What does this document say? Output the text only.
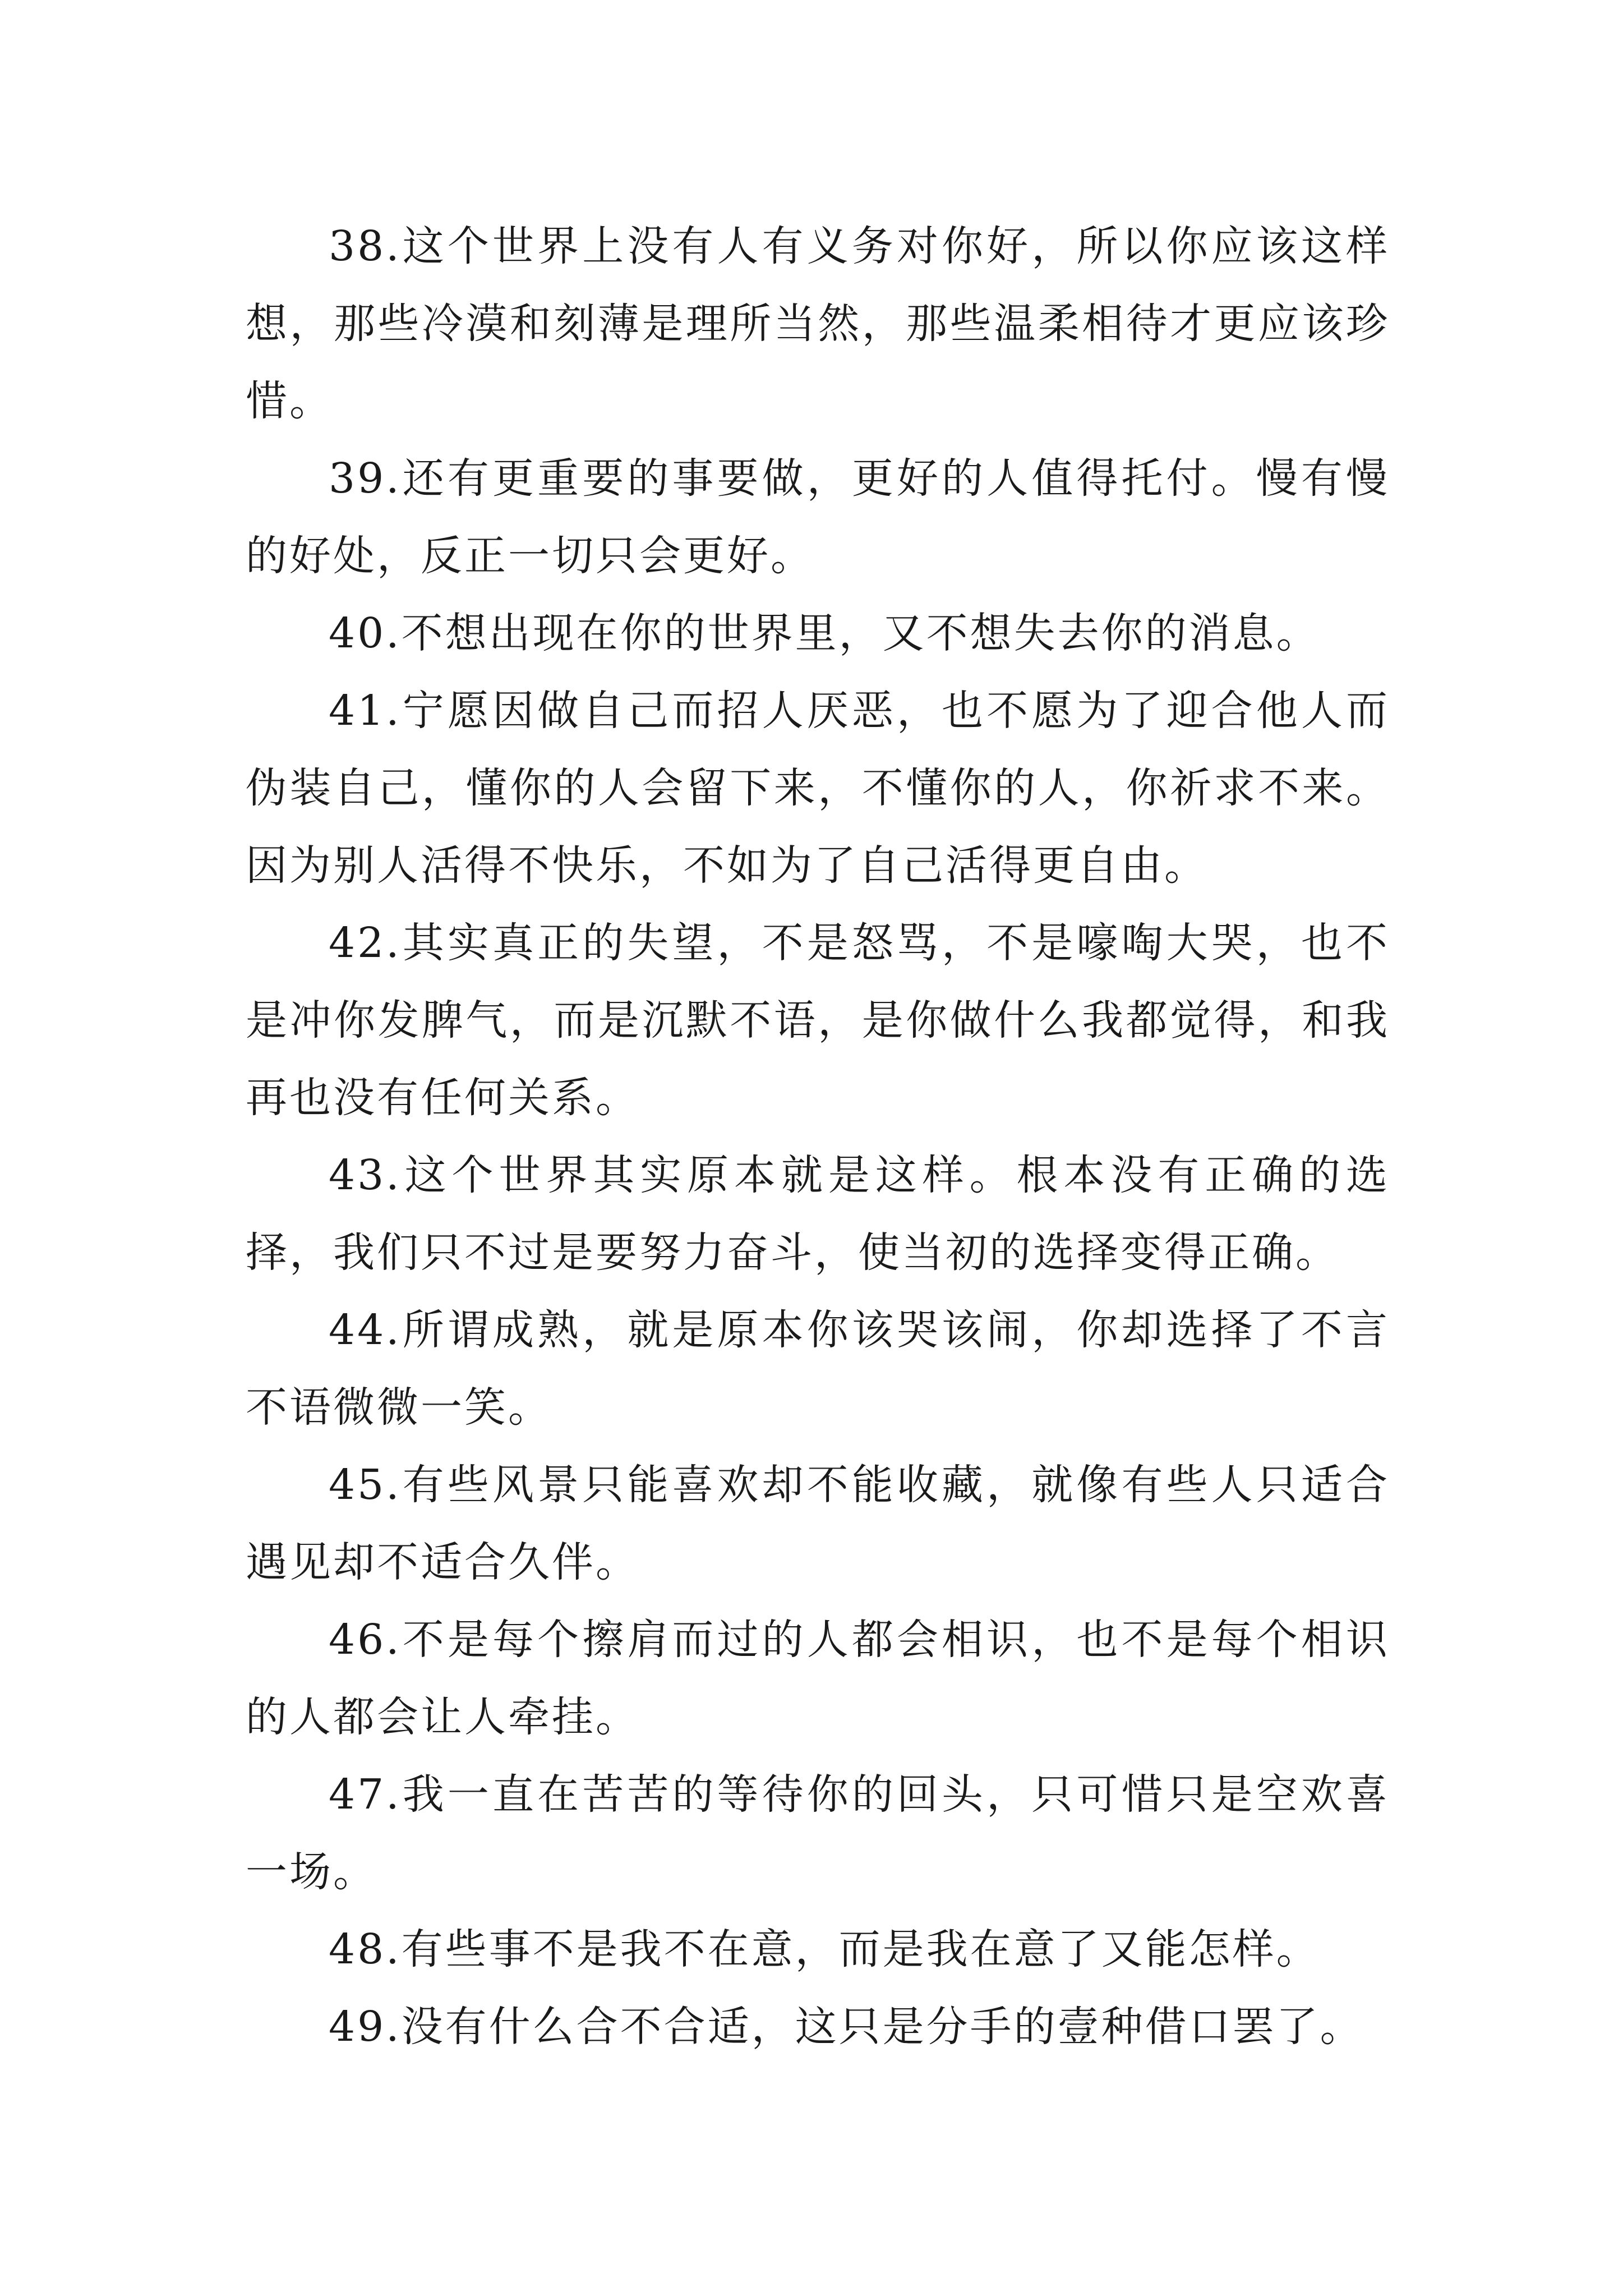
38.这个世界上没有人有义务对你好，所以你应该这样想，那些冷漠和刻薄是理所当然，那些温柔相待才更应该珍惜。

39.还有更重要的事要做，更好的人值得托付。慢有慢的好处，反正一切只会更好。

40.不想出现在你的世界里，又不想失去你的消息。

41.宁愿因做自己而招人厌恶，也不愿为了迎合他人而伪装自己，懂你的人会留下来，不懂你的人，你祈求不来。因为别人活得不快乐，不如为了自己活得更自由。

42.其实真正的失望，不是怒骂，不是嚎啕大哭，也不是冲你发脾气，而是沉默不语，是你做什么我都觉得，和我再也没有任何关系。

43.这个世界其实原本就是这样。根本没有正确的选择，我们只不过是要努力奋斗，使当初的选择变得正确。

44.所谓成熟，就是原本你该哭该闹，你却选择了不言不语微微一笑。

45.有些风景只能喜欢却不能收藏，就像有些人只适合遇见却不适合久伴。

46.不是每个擦肩而过的人都会相识，也不是每个相识的人都会让人牵挂。

47.我一直在苦苦的等待你的回头，只可惜只是空欢喜一场。

48.有些事不是我不在意，而是我在意了又能怎样。

49.没有什么合不合适，这只是分手的壹种借口罢了。
